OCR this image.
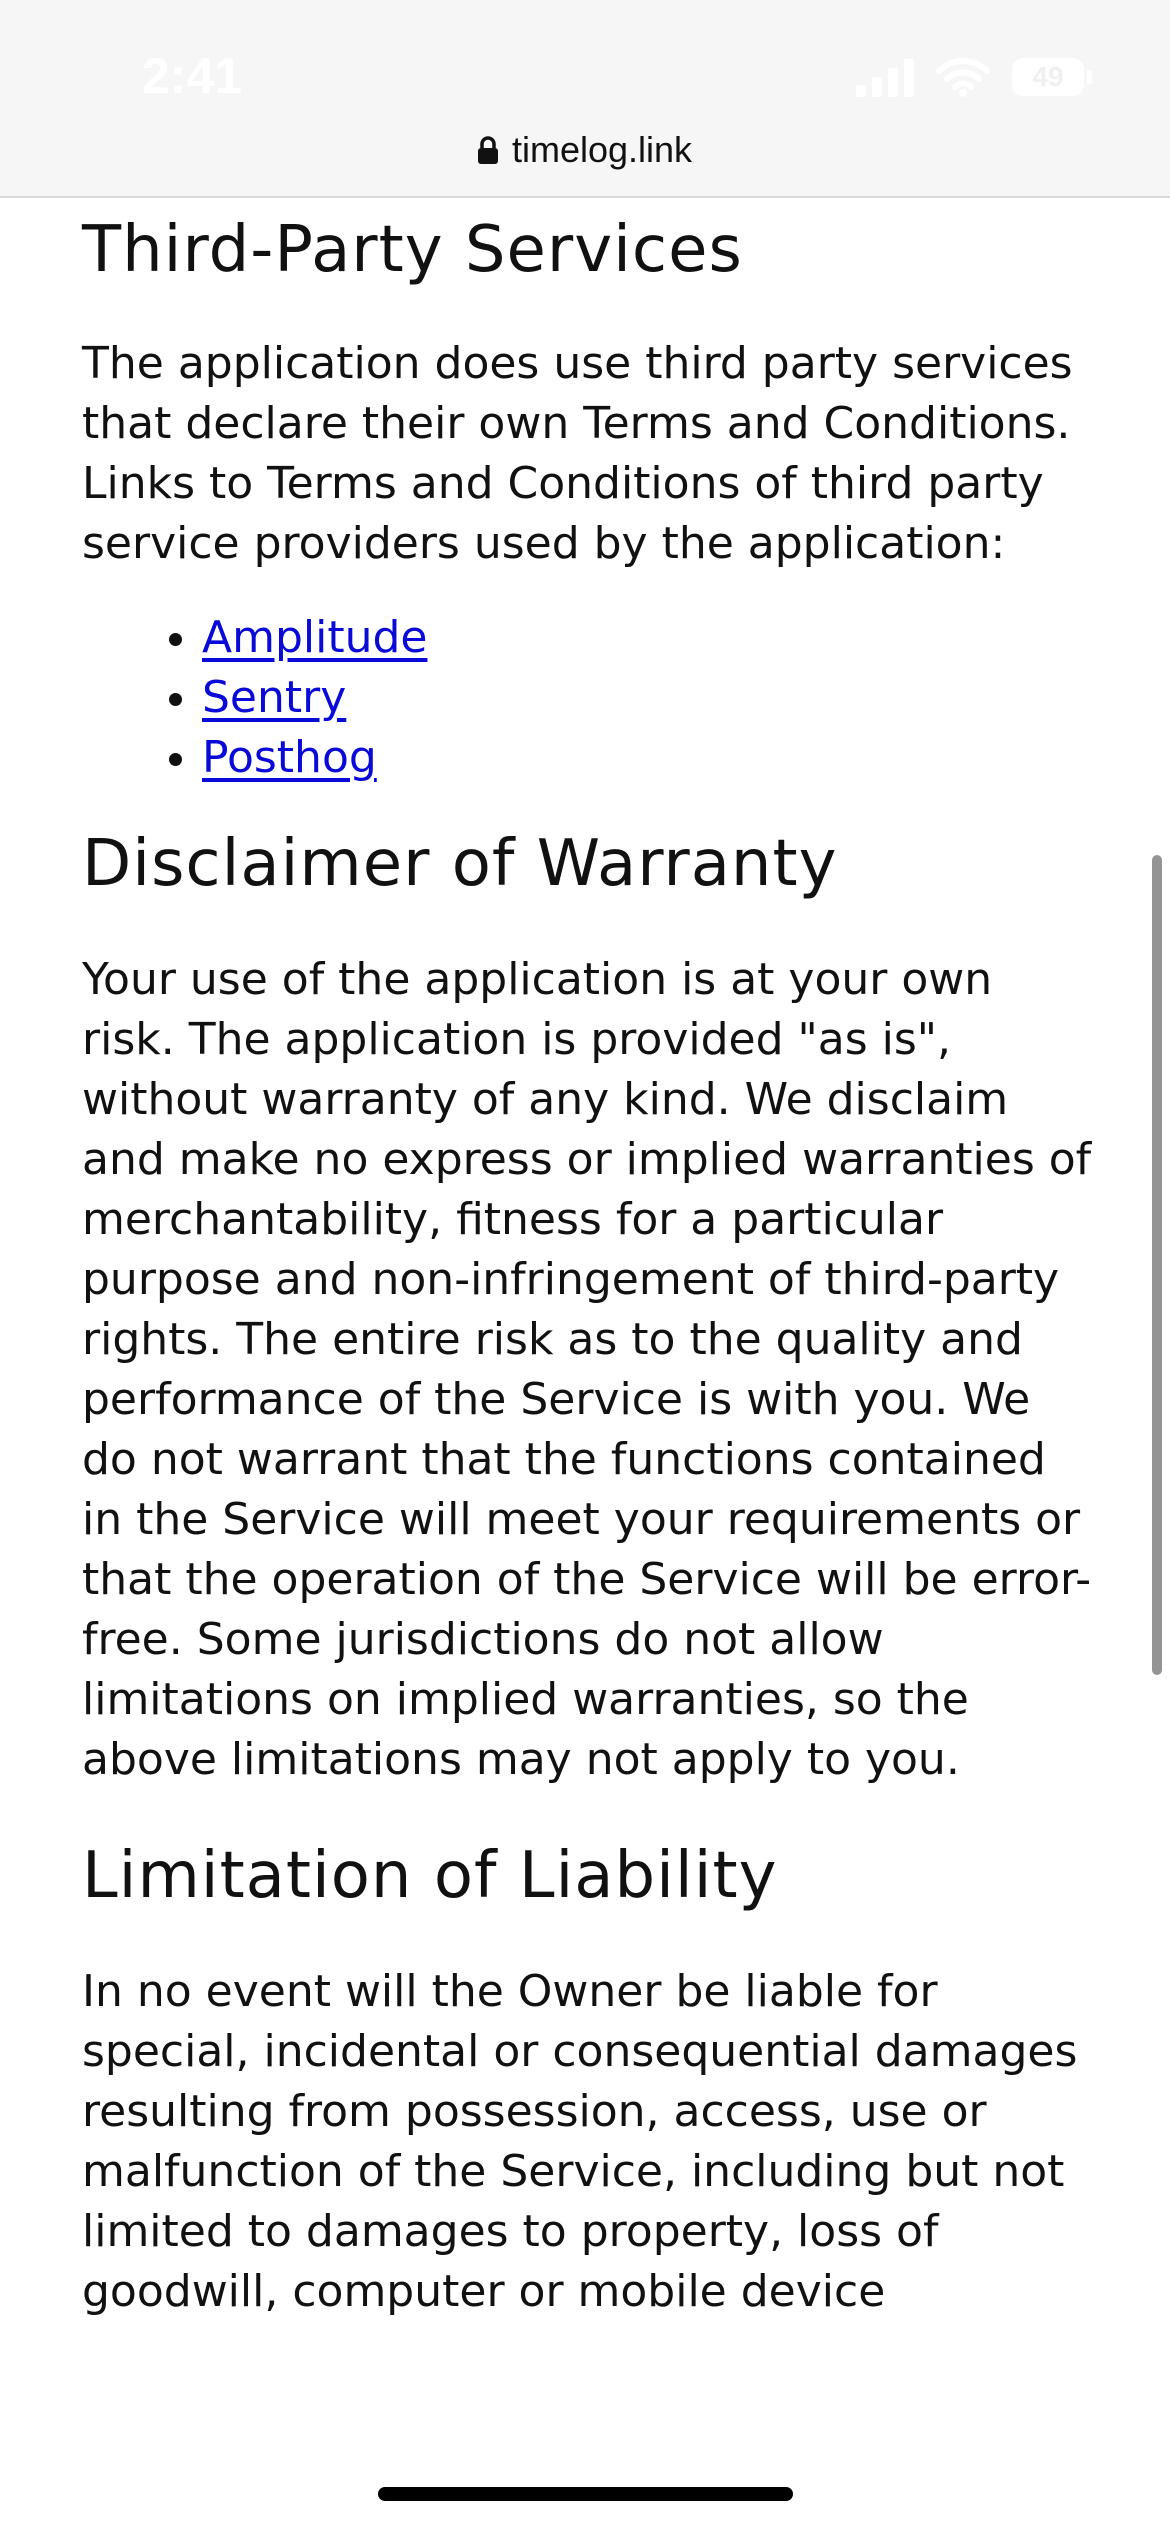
2:41	49
timelog.link
Third-Party Services

The application does use third party services that declare their own Terms and Conditions. Links to Terms and Conditions of third party service providers used by the application:

• Amplitude
• Sentry
• Posthog
Disclaimer of Warranty

Your use of the application is at your own risk. The application is provided "as is", without warranty of any kind. We disclaim and make no express or implied warranties of merchantability, fitness for a particular purpose and non-infringement of third-party rights. The entire risk as to the quality and performance of the Service is with you. We do not warrant that the functions contained in the Service will meet your requirements or that the operation of the Service will be error-free. Some jurisdictions do not allow limitations on implied warranties, so the above limitations may not apply to you.

Limitation of Liability

In no event will the Owner be liable for special, incidental or consequential damages resulting from possession, access, use or malfunction of the Service, including but not limited to damages to property, loss of goodwill, computer or mobile device
